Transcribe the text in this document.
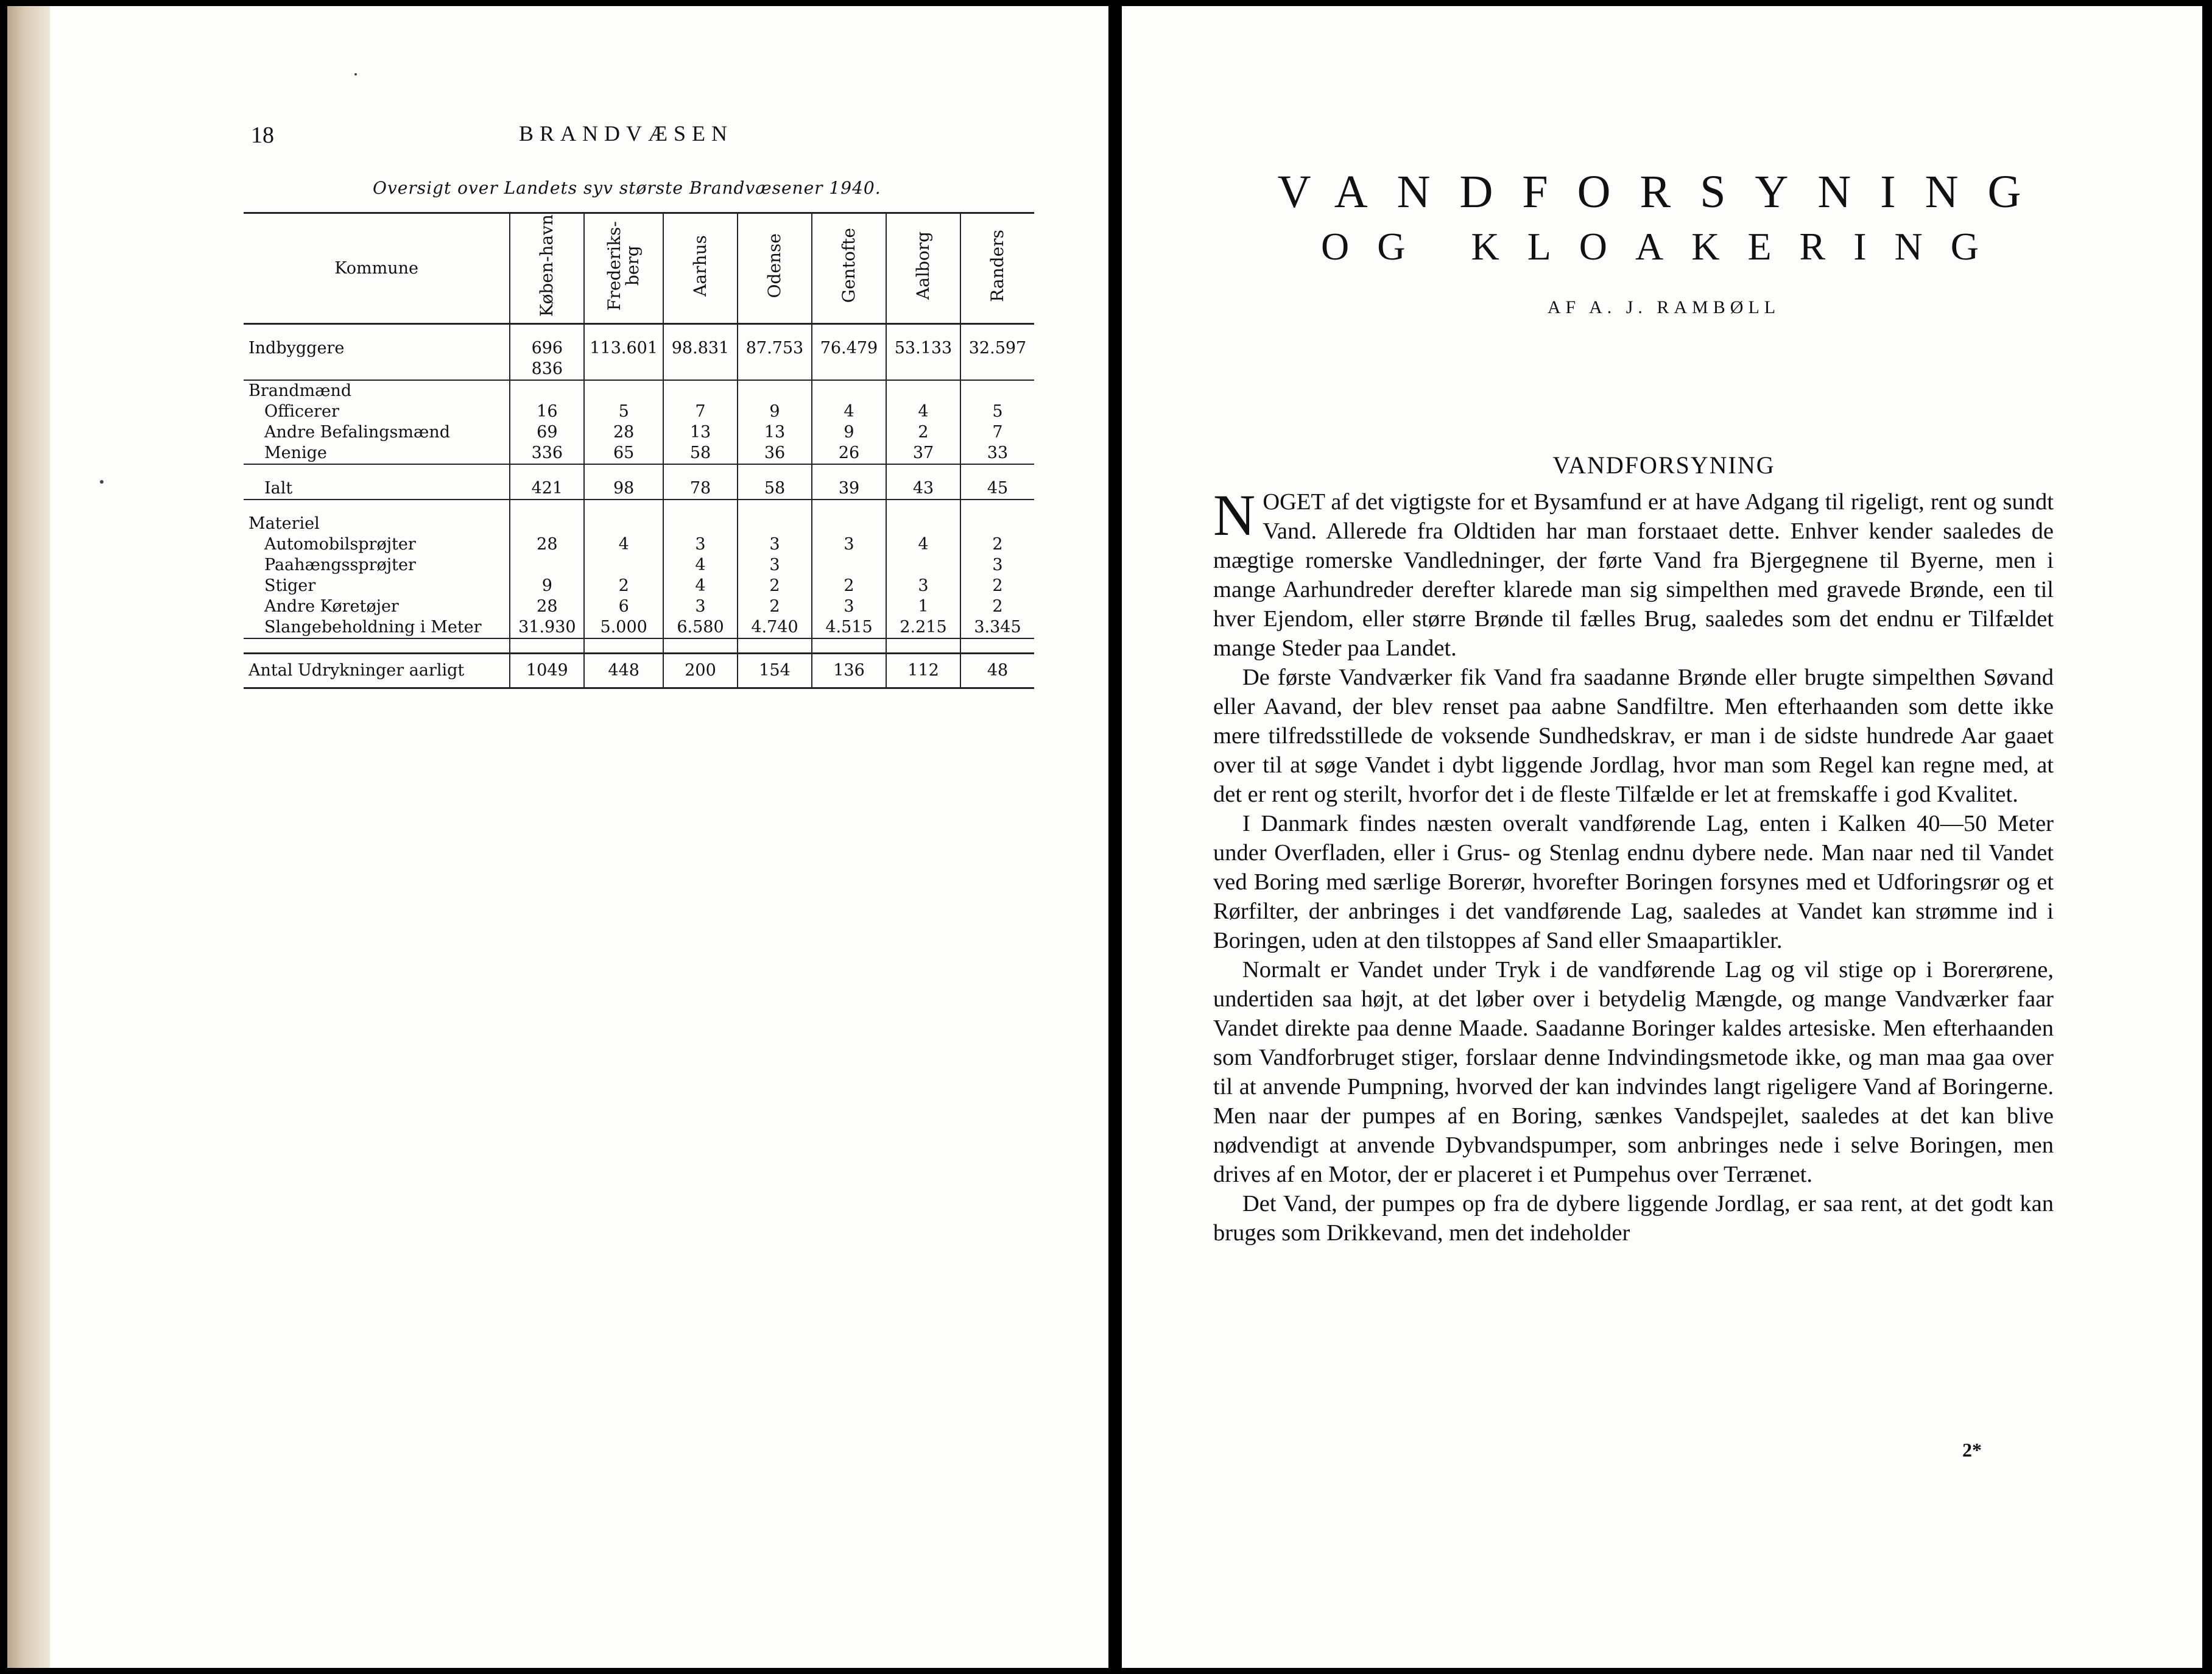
18	BRANDVÆSEN
Oversigt over Landets syv største Brandvæsener 1940.
Kommune	Køben-havn	Frederiks-berg	Aarhus	Odense	Gentofte	Aalborg	Randers

Indbyggere	696 836	113.601	98.831	87.753	76.479	53.133	32.597
Brandmænd							
Officerer	16	5	7	9	4	4	5
Andre Befalingsmænd	69	28	13	13	9	2	7
Menige	336	65	58	36	26	37	33

Ialt	421	98	78	58	39	43	45

Materiel							
Automobilsprøjter	28	4	3	3	3	4	2
Paahængssprøjter			4	3			3
Stiger	9	2	4	2	2	3	2
Andre Køretøjer	28	6	3	2	3	1	2
Slangebeholdning i Meter	31.930	5.000	6.580	4.740	4.515	2.215	3.345

Antal Udrykninger aarligt	1049	448	200	154	136	112	48
VANDFORSYNING
OG KLOAKERING
AF A. J. RAMBØLL
VANDFORSYNING

NOGET af det vigtigste for et Bysamfund er at have Adgang til rigeligt, rent og sundt Vand. Allerede fra Oldtiden har man forstaaet dette. Enhver kender saaledes de mægtige romerske Vandledninger, der førte Vand fra Bjergegnene til Byerne, men i mange Aarhundreder derefter klarede man sig simpelthen med gravede Brønde, een til hver Ejendom, eller større Brønde til fælles Brug, saaledes som det endnu er Tilfældet mange Steder paa Landet.

De første Vandværker fik Vand fra saadanne Brønde eller brugte simpelthen Søvand eller Aavand, der blev renset paa aabne Sandfiltre. Men efterhaanden som dette ikke mere tilfredsstillede de voksende Sundhedskrav, er man i de sidste hundrede Aar gaaet over til at søge Vandet i dybt liggende Jordlag, hvor man som Regel kan regne med, at det er rent og sterilt, hvorfor det i de fleste Tilfælde er let at fremskaffe i god Kvalitet.

I Danmark findes næsten overalt vandførende Lag, enten i Kalken 40—50 Meter under Overfladen, eller i Grus- og Stenlag endnu dybere nede. Man naar ned til Vandet ved Boring med særlige Borerør, hvorefter Boringen forsynes med et Udforingsrør og et Rørfilter, der anbringes i det vandførende Lag, saaledes at Vandet kan strømme ind i Boringen, uden at den tilstoppes af Sand eller Smaapartikler.

Normalt er Vandet under Tryk i de vandførende Lag og vil stige op i Borerørene, undertiden saa højt, at det løber over i betydelig Mængde, og mange Vandværker faar Vandet direkte paa denne Maade. Saadanne Boringer kaldes artesiske. Men efterhaanden som Vandforbruget stiger, forslaar denne Indvindingsmetode ikke, og man maa gaa over til at anvende Pumpning, hvorved der kan indvindes langt rigeligere Vand af Boringerne. Men naar der pumpes af en Boring, sænkes Vandspejlet, saaledes at det kan blive nødvendigt at anvende Dybvandspumper, som anbringes nede i selve Boringen, men drives af en Motor, der er placeret i et Pumpehus over Terrænet.

Det Vand, der pumpes op fra de dybere liggende Jordlag, er saa rent, at det godt kan bruges som Drikkevand, men det indeholder

2*
